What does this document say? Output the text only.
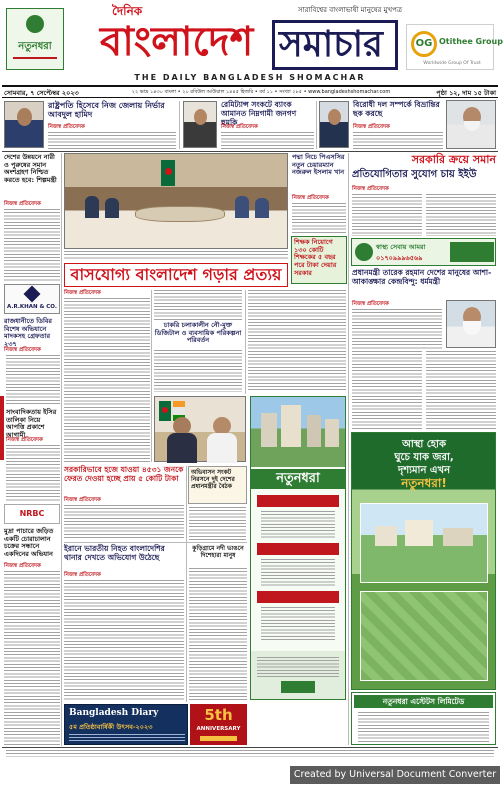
নতুনধরা
দৈনিক
বাংলাদেশ সমাচার
সারাবিশ্বের বাংলাভাষী মানুষের মুখপত্র
OG Otithee Group
Worldwide Group Of Trust
THE DAILY BANGLADESH SHOMACHAR
সোমবার, ৭ সেপ্টেম্বর ২০২৩	২২ ভাদ্র ১৪৩০ বাংলা • ২০ রবিউল আউয়াল ১৪৪৫ হিজরি • বর্ষ ১১ • সংখ্যা ২৮৫ • www.bangladeshshomachar.com	পৃষ্ঠা ১২, দাম ১৫ টাকা
রাষ্ট্রপতি হিসেবে নিজ জেলায় নির্ভার আবদুল হামিদ
নিজস্ব প্রতিবেদক
রেমিট্যান্স সংকটে ব্যাংক আমানত নিম্নগামী জনগণ হুমকি
নিজস্ব প্রতিবেদক
বিরোধী দল সম্পর্কে বিভ্রান্তির ছক করছে
নিজস্ব প্রতিবেদক
দেশের উন্নয়নে নারী ও পুরুষের সমান অংশগ্রহণ নিশ্চিত করতে হবে: শিল্পমন্ত্রী
নিজস্ব প্রতিবেদক
A.R.KHAN & CO.
রাজধানীতে ডিবির বিশেষ অভিযানে মাদকসহ গ্রেফতার ২৩৭
নিজস্ব প্রতিবেদক
সাংবাদিকতায় ইসির তালিকা নিয়ে আপত্তি প্রকাশে আগামী
নিজস্ব প্রতিবেদক
NRBC
মুদ্রা পাচারে জড়িত একটি চোরাচালান চক্রের সন্ধানে একদিনের অভিযান
নিজস্ব প্রতিবেদক
পদ্মা নিচে পিএসসির নতুন চেয়ারম্যান নজরুল ইসলাম খান
নিজস্ব প্রতিবেদক
শিক্ষক নিয়োগে ১৩০ কোটি শিক্ষকের ৫ বছর পরে টাকা দেয়ার সরকার
বাসযোগ্য বাংলাদেশ গড়ার প্রত্যয়
নিজস্ব প্রতিবেদক
চাকরি চলাকালীন নৌ-মুক্ত ডিজিটাল ও ব্যবসায়িক পরিকল্পনা পরিবর্তন
নতুনধরা
সরকারিভাবে হজে যাওয়া ৪৫৩১ জনকে ফেরত দেওয়া হচ্ছে প্রায় ৫ কোটি টাকা
নিজস্ব প্রতিবেদক
অভিবাসন সংকট নিরসনে দুই দেশের প্রধানমন্ত্রীর বৈঠক
ইরানে ভারতীয় নিহত বাংলাদেশির থানার দেখতে অভিযোগ উঠেছে
নিজস্ব প্রতিবেদক
কুড়িগ্রামে নদী ভাঙনে দিশেহারা মানুষ
Bangladesh Diary
৫ম প্রতিষ্ঠাবার্ষিকী উৎসব-২০২৩
5th
ANNIVERSARY
সরকারি ক্রয়ে সমান
প্রতিযোগিতার সুযোগ চায় ইইউ
নিজস্ব প্রতিবেদক
স্বাস্থ্য সেবায় আমরা
০১৭০৯৯৯৬৫৬৯
প্রধানমন্ত্রী তারেক রহমান দেশের মানুষের আশা-আকাঙ্ক্ষার কেন্দ্রবিন্দু: ধর্মমন্ত্রী
নিজস্ব প্রতিবেদক
আস্থা হোক
ঘুচে যাক জরা,
দৃশ্যমান এখন
নতুনধরা!
নতুনধরা এস্টেটস লিমিটেড
Created by Universal Document Converter
